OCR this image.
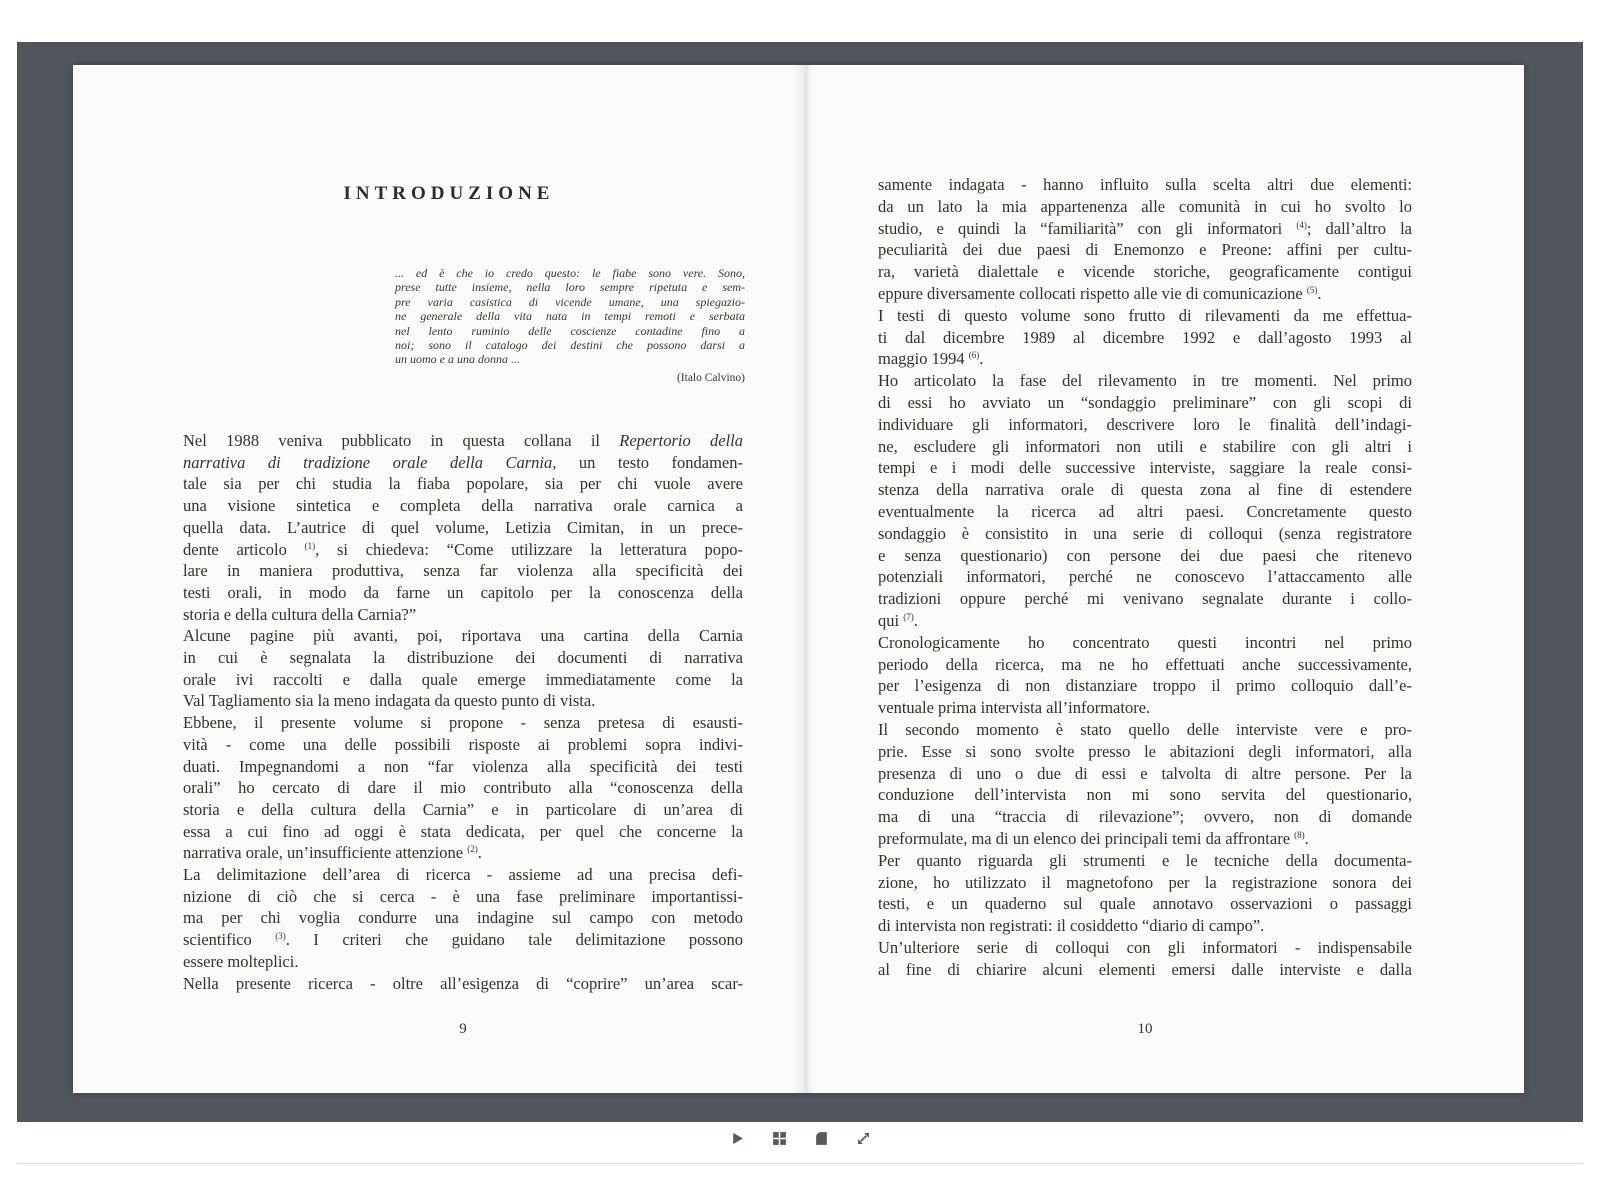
INTRODUZIONE
... ed è che io credo questo: le fiabe sono vere. Sono,
prese tutte insieme, nella loro sempre ripetuta e sem-
pre varia casistica di vicende umane, una spiegazio-
ne generale della vita nata in tempi remoti e serbata
nel lento ruminio delle coscienze contadine fino a
noi; sono il catalogo dei destini che possono darsi a
un uomo e a una donna ...
(Italo Calvino)
Nel 1988 veniva pubblicato in questa collana il Repertorio della
narrativa di tradizione orale della Carnia, un testo fondamen-
tale sia per chi studia la fiaba popolare, sia per chi vuole avere
una visione sintetica e completa della narrativa orale carnica a
quella data. L’autrice di quel volume, Letizia Cimitan, in un prece-
dente articolo $^{(1)}$, si chiedeva: “Come utilizzare la letteratura popo-
lare in maniera produttiva, senza far violenza alla specificità dei
testi orali, in modo da farne un capitolo per la conoscenza della
storia e della cultura della Carnia?”
Alcune pagine più avanti, poi, riportava una cartina della Carnia
in cui è segnalata la distribuzione dei documenti di narrativa
orale ivi raccolti e dalla quale emerge immediatamente come la
Val Tagliamento sia la meno indagata da questo punto di vista.
Ebbene, il presente volume si propone - senza pretesa di esausti-
vità - come una delle possibili risposte ai problemi sopra indivi-
duati. Impegnandomi a non “far violenza alla specificità dei testi
orali” ho cercato di dare il mio contributo alla “conoscenza della
storia e della cultura della Carnia” e in particolare di un’area di
essa a cui fino ad oggi è stata dedicata, per quel che concerne la
narrativa orale, un’insufficiente attenzione $^{(2)}$.
La delimitazione dell’area di ricerca - assieme ad una precisa defi-
nizione di ciò che si cerca - è una fase preliminare importantissi-
ma per chi voglia condurre una indagine sul campo con metodo
scientifico $^{(3)}$. I criteri che guidano tale delimitazione possono
essere molteplici.
Nella presente ricerca - oltre all’esigenza di “coprire” un’area scar-
9
samente indagata - hanno influito sulla scelta altri due elementi:
da un lato la mia appartenenza alle comunità in cui ho svolto lo
studio, e quindi la “familiarità” con gli informatori $^{(4)}$; dall’altro la
peculiarità dei due paesi di Enemonzo e Preone: affini per cultu-
ra, varietà dialettale e vicende storiche, geograficamente contigui
eppure diversamente collocati rispetto alle vie di comunicazione $^{(5)}$.
I testi di questo volume sono frutto di rilevamenti da me effettua-
ti dal dicembre 1989 al dicembre 1992 e dall’agosto 1993 al
maggio 1994 $^{(6)}$.
Ho articolato la fase del rilevamento in tre momenti. Nel primo
di essi ho avviato un “sondaggio preliminare” con gli scopi di
individuare gli informatori, descrivere loro le finalità dell’indagi-
ne, escludere gli informatori non utili e stabilire con gli altri i
tempi e i modi delle successive interviste, saggiare la reale consi-
stenza della narrativa orale di questa zona al fine di estendere
eventualmente la ricerca ad altri paesi. Concretamente questo
sondaggio è consistito in una serie di colloqui (senza registratore
e senza questionario) con persone dei due paesi che ritenevo
potenziali informatori, perché ne conoscevo l’attaccamento alle
tradizioni oppure perché mi venivano segnalate durante i collo-
qui $^{(7)}$.
Cronologicamente ho concentrato questi incontri nel primo
periodo della ricerca, ma ne ho effettuati anche successivamente,
per l’esigenza di non distanziare troppo il primo colloquio dall’e-
ventuale prima intervista all’informatore.
Il secondo momento è stato quello delle interviste vere e pro-
prie. Esse si sono svolte presso le abitazioni degli informatori, alla
presenza di uno o due di essi e talvolta di altre persone. Per la
conduzione dell’intervista non mi sono servita del questionario,
ma di una “traccia di rilevazione”; ovvero, non di domande
preformulate, ma di un elenco dei principali temi da affrontare $^{(8)}$.
Per quanto riguarda gli strumenti e le tecniche della documenta-
zione, ho utilizzato il magnetofono per la registrazione sonora dei
testi, e un quaderno sul quale annotavo osservazioni o passaggi
di intervista non registrati: il cosiddetto “diario di campo”.
Un’ulteriore serie di colloqui con gli informatori - indispensabile
al fine di chiarire alcuni elementi emersi dalle interviste e dalla
10
